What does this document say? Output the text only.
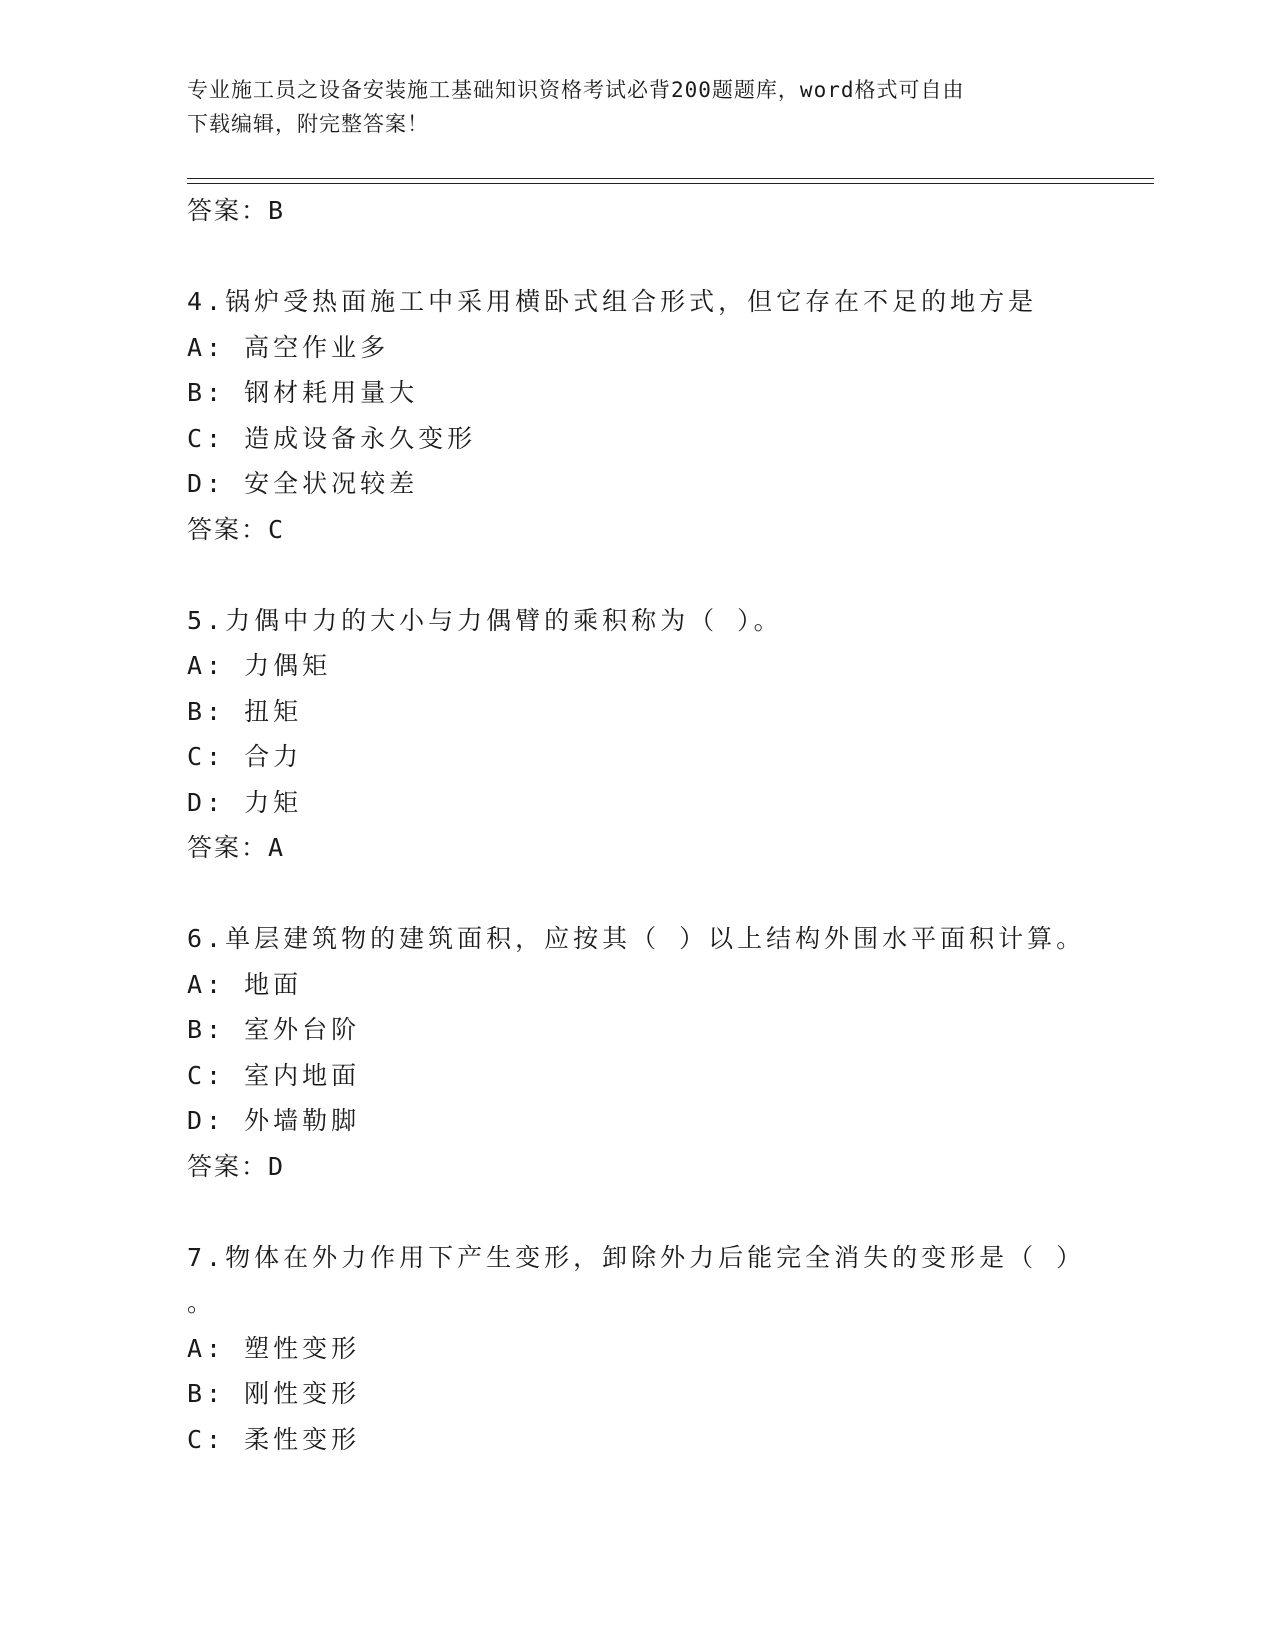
专业施工员之设备安装施工基础知识资格考试必背200题题库，word格式可自由
下载编辑，附完整答案！
答案：B
4.锅炉受热面施工中采用横卧式组合形式，但它存在不足的地方是
A: 高空作业多
B: 钢材耗用量大
C: 造成设备永久变形
D: 安全状况较差
答案：C
5.力偶中力的大小与力偶臂的乘积称为（ ）。
A: 力偶矩
B: 扭矩
C: 合力
D: 力矩
答案：A
6.单层建筑物的建筑面积，应按其（ ）以上结构外围水平面积计算。
A: 地面
B: 室外台阶
C: 室内地面
D: 外墙勒脚
答案：D
7.物体在外力作用下产生变形，卸除外力后能完全消失的变形是（ ）
。
A: 塑性变形
B: 刚性变形
C: 柔性变形
